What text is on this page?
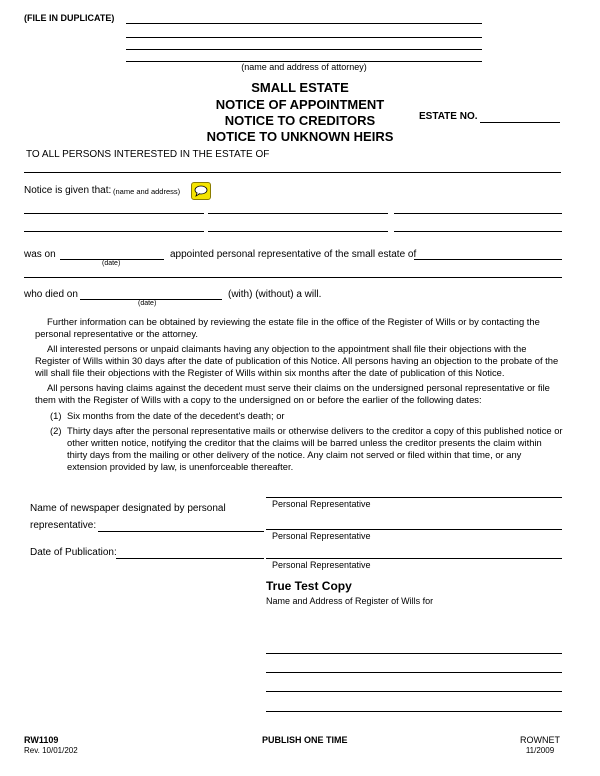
(FILE IN DUPLICATE)
(name and address of attorney)
SMALL ESTATE
NOTICE OF APPOINTMENT
NOTICE TO CREDITORS
NOTICE TO UNKNOWN HEIRS
ESTATE NO.
TO ALL PERSONS INTERESTED IN THE ESTATE OF
Notice is given that: (name and address)
was on
(date)
appointed personal representative of the small estate of
who died on
(date)
(with) (without) a will.
Further information can be obtained by reviewing the estate file in the office of the Register of Wills or by contacting the personal representative or the attorney.
All interested persons or unpaid claimants having any objection to the appointment shall file their objections with the Register of Wills within 30 days after the date of publication of this Notice. All persons having an objection to the probate of the will shall file their objections with the Register of Wills within six months after the date of publication of this Notice.
All persons having claims against the decedent must serve their claims on the undersigned personal representative or file them with the Register of Wills with a copy to the undersigned on or before the earlier of the following dates:
(1) Six months from the date of the decedent's death; or
(2) Thirty days after the personal representative mails or otherwise delivers to the creditor a copy of this published notice or other written notice, notifying the creditor that the claims will be barred unless the creditor presents the claim within thirty days from the mailing or other delivery of the notice. Any claim not served or filed within that time, or any extension provided by law, is unenforceable thereafter.
Name of newspaper designated by personal
representative:
Date of Publication:
Personal Representative
Personal Representative
Personal Representative
True Test Copy
Name and Address of Register of Wills for
RW1109
Rev. 10/01/202
PUBLISH ONE TIME	ROWNET
11/2009
